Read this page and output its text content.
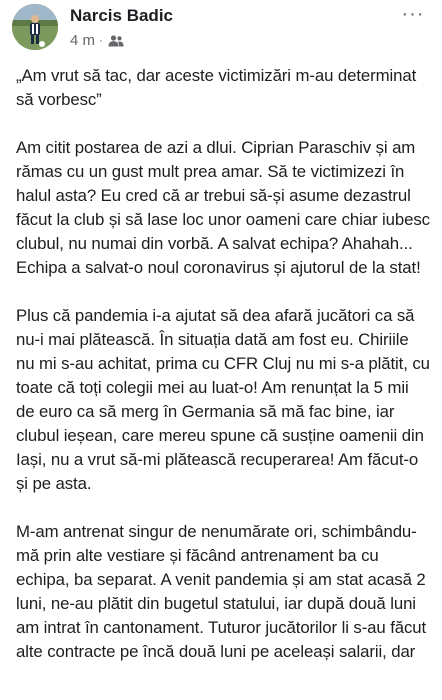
Narcis Badic
4 m ·
···

„Am vrut să tac, dar aceste victimizări m-au determinat să vorbesc”

Am citit postarea de azi a dlui. Ciprian Paraschiv și am rămas cu un gust mult prea amar. Să te victimizezi în halul asta? Eu cred că ar trebui să-și asume dezastrul făcut la club și să lase loc unor oameni care chiar iubesc clubul, nu numai din vorbă. A salvat echipa? Ahahah... Echipa a salvat-o noul coronavirus și ajutorul de la stat!

Plus că pandemia i-a ajutat să dea afară jucători ca să nu-i mai plătească. În situația dată am fost eu. Chiriile nu mi s-au achitat, prima cu CFR Cluj nu mi s-a plătit, cu toate că toți colegii mei au luat-o! Am renunțat la 5 mii de euro ca să merg în Germania să mă fac bine, iar clubul ieșean, care mereu spune că susține oamenii din Iași, nu a vrut să-mi plătească recuperarea! Am făcut-o și pe asta.

M-am antrenat singur de nenumărate ori, schimbându-mă prin alte vestiare și făcând antrenament ba cu echipa, ba separat. A venit pandemia și am stat acasă 2 luni, ne-au plătit din bugetul statului, iar după două luni am intrat în cantonament. Tuturor jucătorilor li s-au făcut alte contracte pe încă două luni pe aceleași salarii, dar
